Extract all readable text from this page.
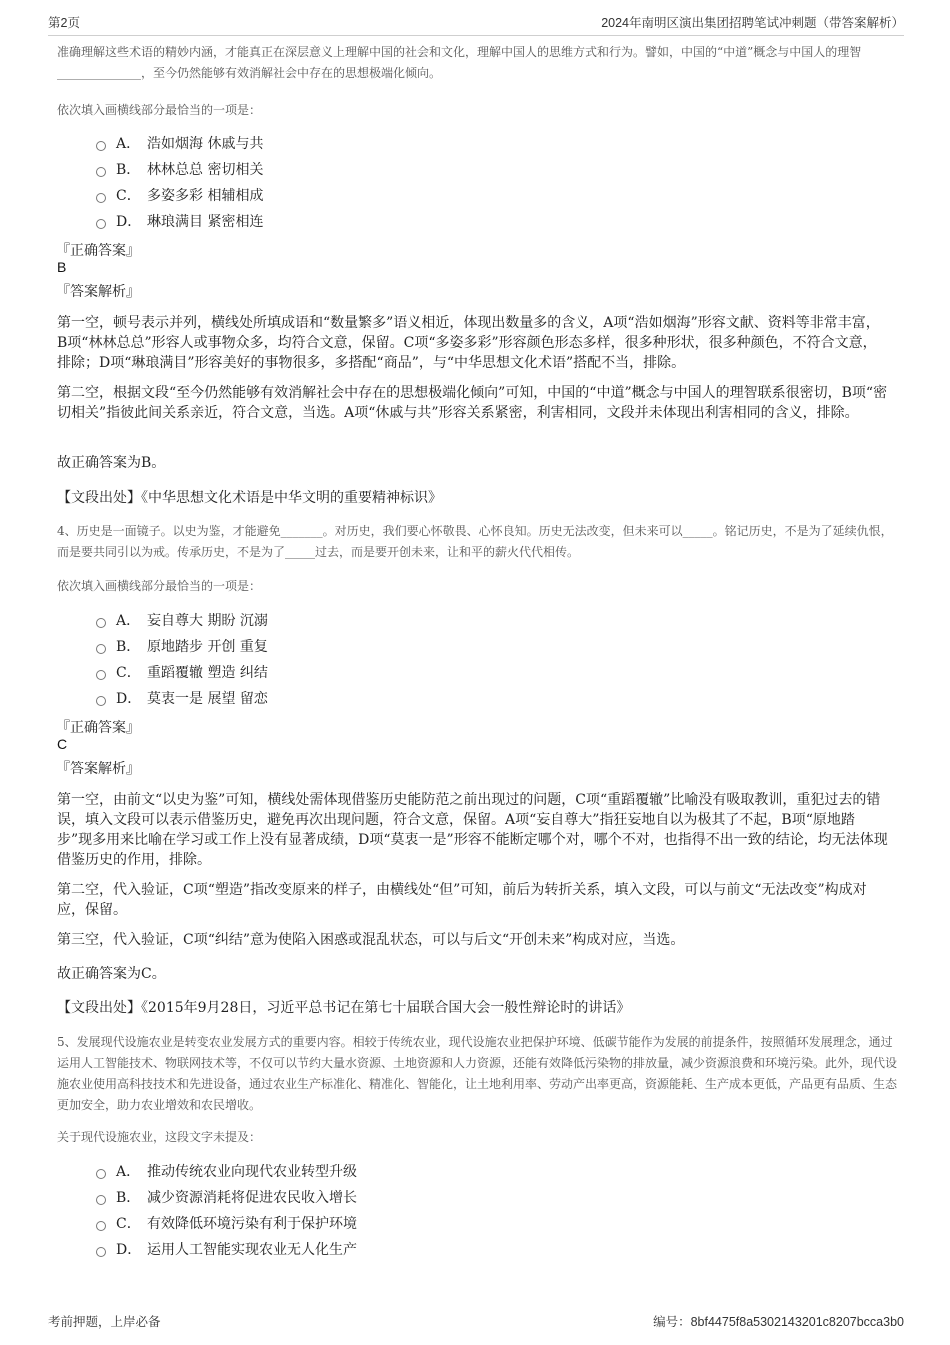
第2页	2024年南明区演出集团招聘笔试冲刺题（带答案解析）

准确理解这些术语的精妙内涵，才能真正在深层意义上理解中国的社会和文化，理解中国人的思维方式和行为。譬如，中国的“中道”概念与中国人的理智 ______________，至今仍然能够有效消解社会中存在的思想极端化倾向。

依次填入画横线部分最恰当的一项是：

A． 浩如烟海 休戚与共
B． 林林总总 密切相关
C． 多姿多彩 相辅相成
D． 琳琅满目 紧密相连

『正确答案』

B

『答案解析』

第一空，顿号表示并列，横线处所填成语和“数量繁多”语义相近，体现出数量多的含义，A项“浩如烟海”形容文献、资料等非常丰富，B项“林林总总”形容人或事物众多，均符合文意，保留。C项“多姿多彩”形容颜色形态多样，很多种形状，很多种颜色，不符合文意，排除；D项“琳琅满目”形容美好的事物很多，多搭配“商品”，与“中华思想文化术语”搭配不当，排除。

第二空，根据文段“至今仍然能够有效消解社会中存在的思想极端化倾向”可知，中国的“中道”概念与中国人的理智联系很密切，B项“密切相关”指彼此间关系亲近，符合文意，当选。A项“休戚与共”形容关系紧密，利害相同，文段并未体现出利害相同的含义，排除。

故正确答案为B。

【文段出处】《中华思想文化术语是中华文明的重要精神标识》

4、历史是一面镜子。以史为鉴，才能避免_______。对历史，我们要心怀敬畏、心怀良知。历史无法改变，但未来可以_____。铭记历史，不是为了延续仇恨，而是要共同引以为戒。传承历史，不是为了_____过去，而是要开创未来，让和平的薪火代代相传。

依次填入画横线部分最恰当的一项是：

A． 妄自尊大 期盼 沉溺
B． 原地踏步 开创 重复
C． 重蹈覆辙 塑造 纠结
D． 莫衷一是 展望 留恋

『正确答案』

C

『答案解析』

第一空，由前文“以史为鉴”可知，横线处需体现借鉴历史能防范之前出现过的问题，C项“重蹈覆辙”比喻没有吸取教训，重犯过去的错误，填入文段可以表示借鉴历史，避免再次出现问题，符合文意，保留。A项“妄自尊大”指狂妄地自以为极其了不起，B项“原地踏步”现多用来比喻在学习或工作上没有显著成绩，D项“莫衷一是”形容不能断定哪个对，哪个不对，也指得不出一致的结论，均无法体现借鉴历史的作用，排除。

第二空，代入验证，C项“塑造”指改变原来的样子，由横线处“但”可知，前后为转折关系，填入文段，可以与前文“无法改变”构成对应，保留。

第三空，代入验证，C项“纠结”意为使陷入困惑或混乱状态，可以与后文“开创未来”构成对应，当选。

故正确答案为C。

【文段出处】《2015年9月28日，习近平总书记在第七十届联合国大会一般性辩论时的讲话》

5、发展现代设施农业是转变农业发展方式的重要内容。相较于传统农业，现代设施农业把保护环境、低碳节能作为发展的前提条件，按照循环发展理念，通过运用人工智能技术、物联网技术等，不仅可以节约大量水资源、土地资源和人力资源，还能有效降低污染物的排放量，减少资源浪费和环境污染。此外，现代设施农业使用高科技技术和先进设备，通过农业生产标准化、精准化、智能化，让土地利用率、劳动产出率更高，资源能耗、生产成本更低，产品更有品质、生态更加安全，助力农业增效和农民增收。

关于现代设施农业，这段文字未提及：

A． 推动传统农业向现代农业转型升级
B． 减少资源消耗将促进农民收入增长
C． 有效降低环境污染有利于保护环境
D． 运用人工智能实现农业无人化生产
考前押题，上岸必备	编号：8bf4475f8a5302143201c8207bcca3b0
